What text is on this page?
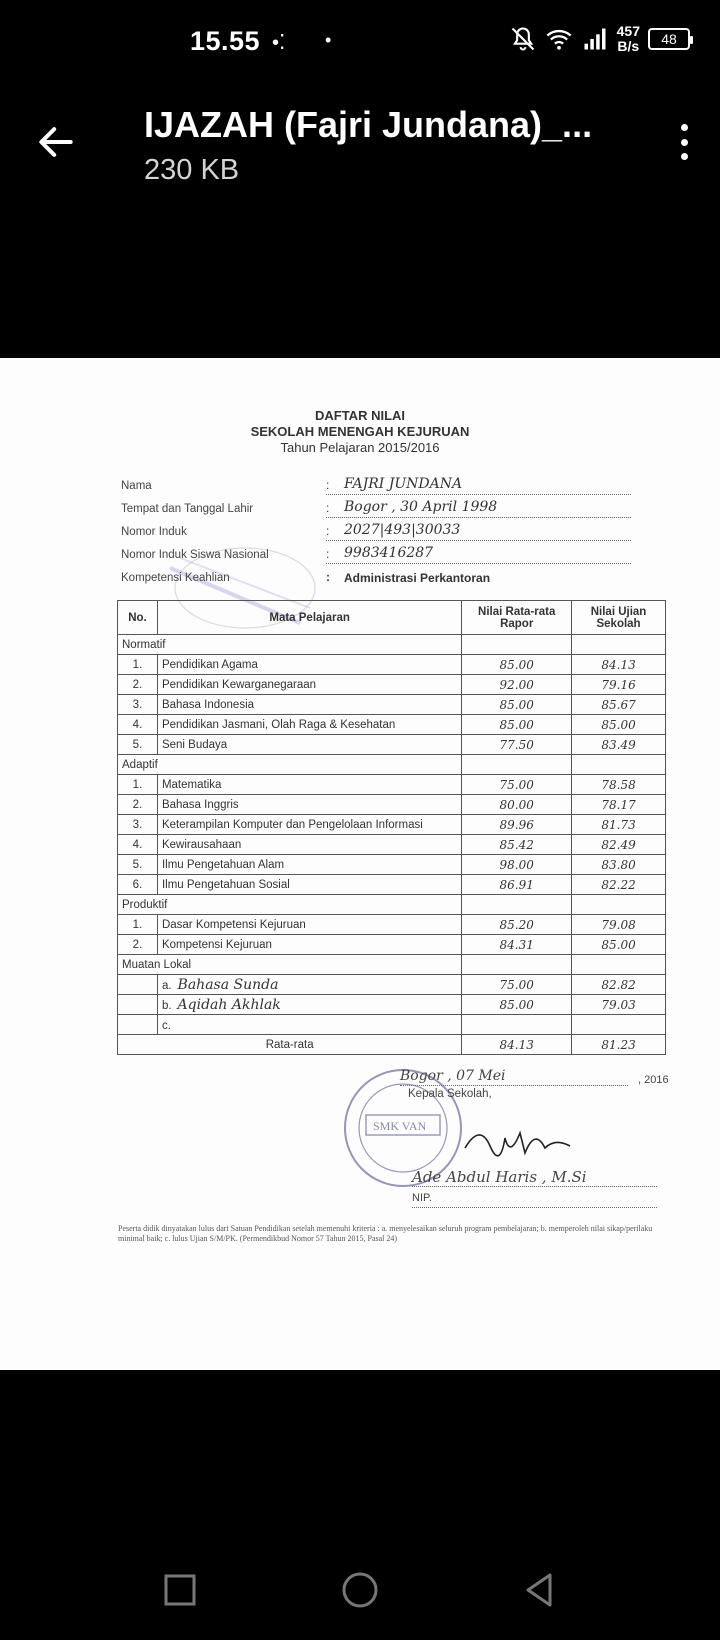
15.55 •⁚ •	457
B/s	48
IJAZAH (Fajri Jundana)_...
230 KB
DAFTAR NILAI
SEKOLAH MENENGAH KEJURUAN
Tahun Pelajaran 2015/2016
Nama	: FAJRI JUNDANA
Tempat dan Tanggal Lahir	: Bogor , 30 April 1998
Nomor Induk	: 2027|493|30033
Nomor Induk Siswa Nasional	: 9983416287
Kompetensi Keahlian	: Administrasi Perkantoran
No.	Mata Pelajaran	Nilai Rata-rata Rapor	Nilai Ujian Sekolah
Normatif			
1.	Pendidikan Agama	85.00	84.13
2.	Pendidikan Kewarganegaraan	92.00	79.16
3.	Bahasa Indonesia	85.00	85.67
4.	Pendidikan Jasmani, Olah Raga & Kesehatan	85.00	85.00
5.	Seni Budaya	77.50	83.49
Adaptif			
1.	Matematika	75.00	78.58
2.	Bahasa Inggris	80.00	78.17
3.	Keterampilan Komputer dan Pengelolaan Informasi	89.96	81.73
4.	Kewirausahaan	85.42	82.49
5.	Ilmu Pengetahuan Alam	98.00	83.80
6.	Ilmu Pengetahuan Sosial	86.91	82.22
Produktif			
1.	Dasar Kompetensi Kejuruan	85.20	79.08
2.	Kompetensi Kejuruan	84.31	85.00
Muatan Lokal			
	a. Bahasa Sunda	75.00	82.82
	b. Aqidah Akhlak	85.00	79.03
	c.		
Rata-rata		84.13	81.23
SMK VAN
Bogor , 07 Mei	, 2016
Kepala Sekolah,
Ade Abdul Haris , M.Si
NIP.
Peserta didik dinyatakan lulus dari Satuan Pendidikan setelah memenuhi kriteria : a. menyelesaikan seluruh program pembelajaran; b. memperoleh nilai sikap/perilaku minimal baik; c. lulus Ujian S/M/PK. (Permendikbud Nomor 57 Tahun 2015, Pasal 24)
